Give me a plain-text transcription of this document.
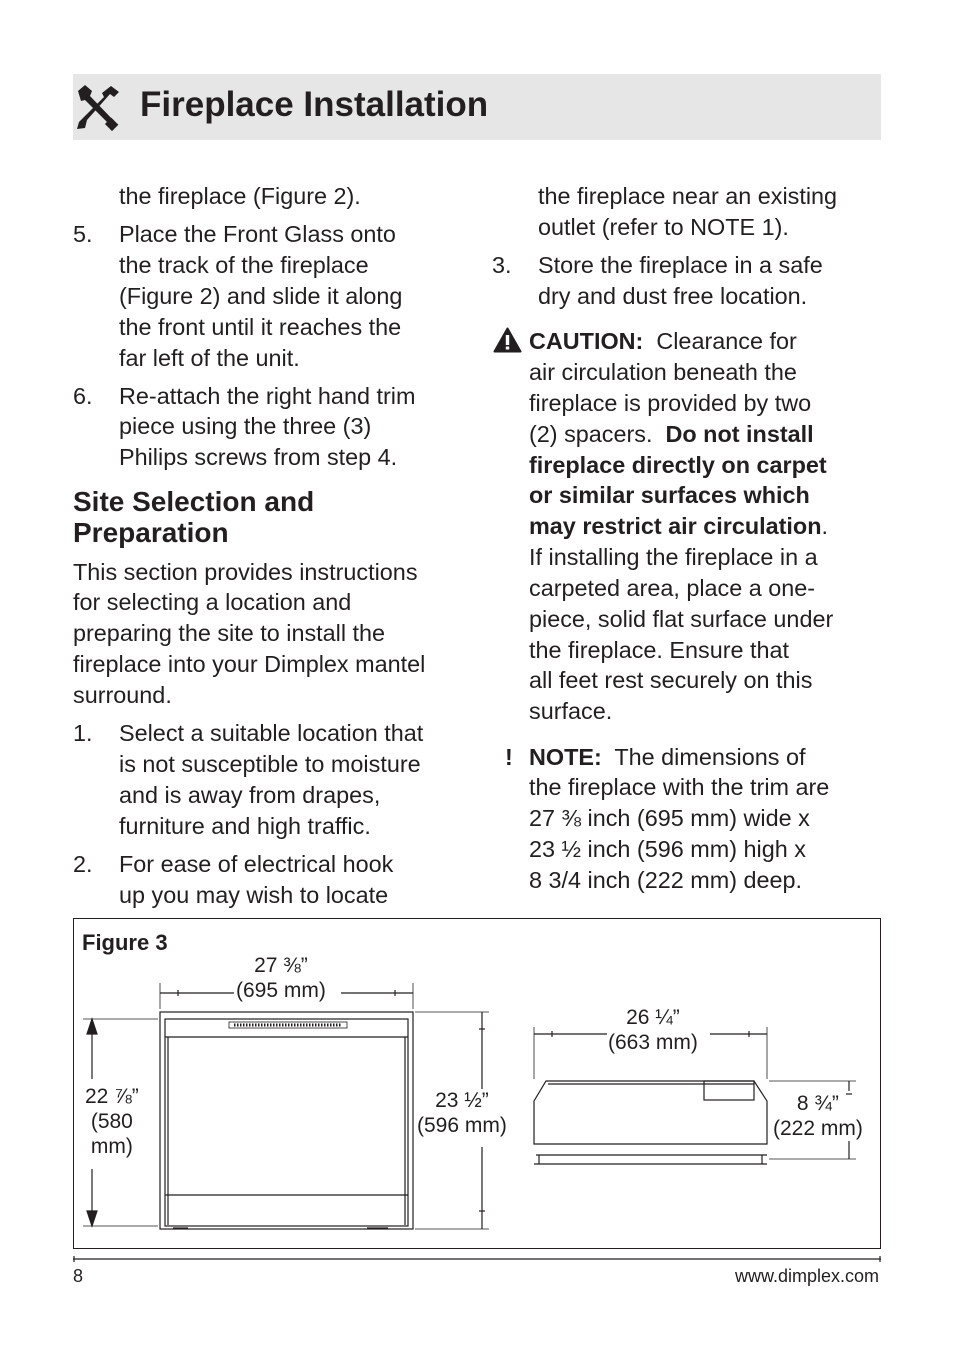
Fireplace Installation
the fireplace (Figure 2).
5. Place the Front Glass onto
the track of the fireplace
(Figure 2) and slide it along
the front until it reaches the
far left of the unit.
6. Re-attach the right hand trim
piece using the three (3)
Philips screws from step 4.
Site Selection and
Preparation
This section provides instructions
for selecting a location and
preparing the site to install the
fireplace into your Dimplex mantel
surround.
1. Select a suitable location that
is not susceptible to moisture
and is away from drapes,
furniture and high traffic.
2. For ease of electrical hook
up you may wish to locate
the fireplace near an existing
outlet (refer to NOTE 1).
3. Store the fireplace in a safe
dry and dust free location.
CAUTION: Clearance for
air circulation beneath the
fireplace is provided by two
(2) spacers. Do not install
fireplace directly on carpet
or similar surfaces which
may restrict air circulation.
If installing the fireplace in a
carpeted area, place a one-
piece, solid flat surface under
the fireplace. Ensure that
all feet rest securely on this
surface.
! NOTE: The dimensions of
the fireplace with the trim are
27 ⅜ inch (695 mm) wide x
23 ½ inch (596 mm) high x
8 3/4 inch (222 mm) deep.
Figure 3
27 ⅜”
(695 mm)
22 ⅞”
(580
mm)
23 ½”
(596 mm)
26 ¼”
(663 mm)
8 ¾”
(222 mm)
8	www.dimplex.com
